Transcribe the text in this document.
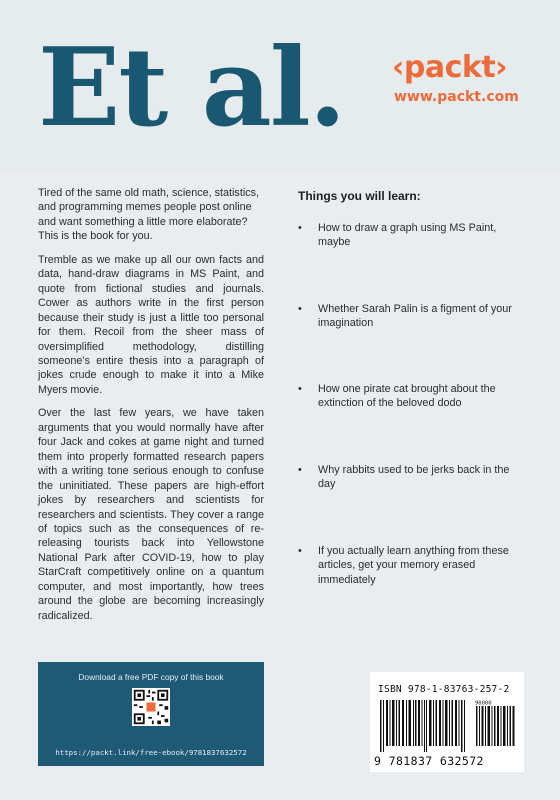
Et al. ‹packt›
www.packt.com

Tired of the same old math, science, statistics, and programming memes people post online and want something a little more elaborate? This is the book for you.

Tremble as we make up all our own facts and data, hand-draw diagrams in MS Paint, and quote from fictional studies and journals. Cower as authors write in the first person because their study is just a little too personal for them. Recoil from the sheer mass of oversimplified methodology, distilling someone’s entire thesis into a paragraph of jokes crude enough to make it into a Mike Myers movie.

Over the last few years, we have taken arguments that you would normally have after four Jack and cokes at game night and turned them into properly formatted research papers with a writing tone serious enough to confuse the uninitiated. These papers are high-effort jokes by researchers and scientists for researchers and scientists. They cover a range of topics such as the consequences of re-releasing tourists back into Yellowstone National Park after COVID-19, how to play StarCraft competitively online on a quantum computer, and most importantly, how trees around the globe are becoming increasingly radicalized.

Things you will learn:
•	How to draw a graph using MS Paint, maybe
•	Whether Sarah Palin is a figment of your imagination
•	How one pirate cat brought about the extinction of the beloved dodo
•	Why rabbits used to be jerks back in the day
•	If you actually learn anything from these articles, get your memory erased immediately
Download a free PDF copy of this book
https://packt.link/free-ebook/9781837632572
ISBN 978-1-83763-257-2
90000
9 781837 632572
